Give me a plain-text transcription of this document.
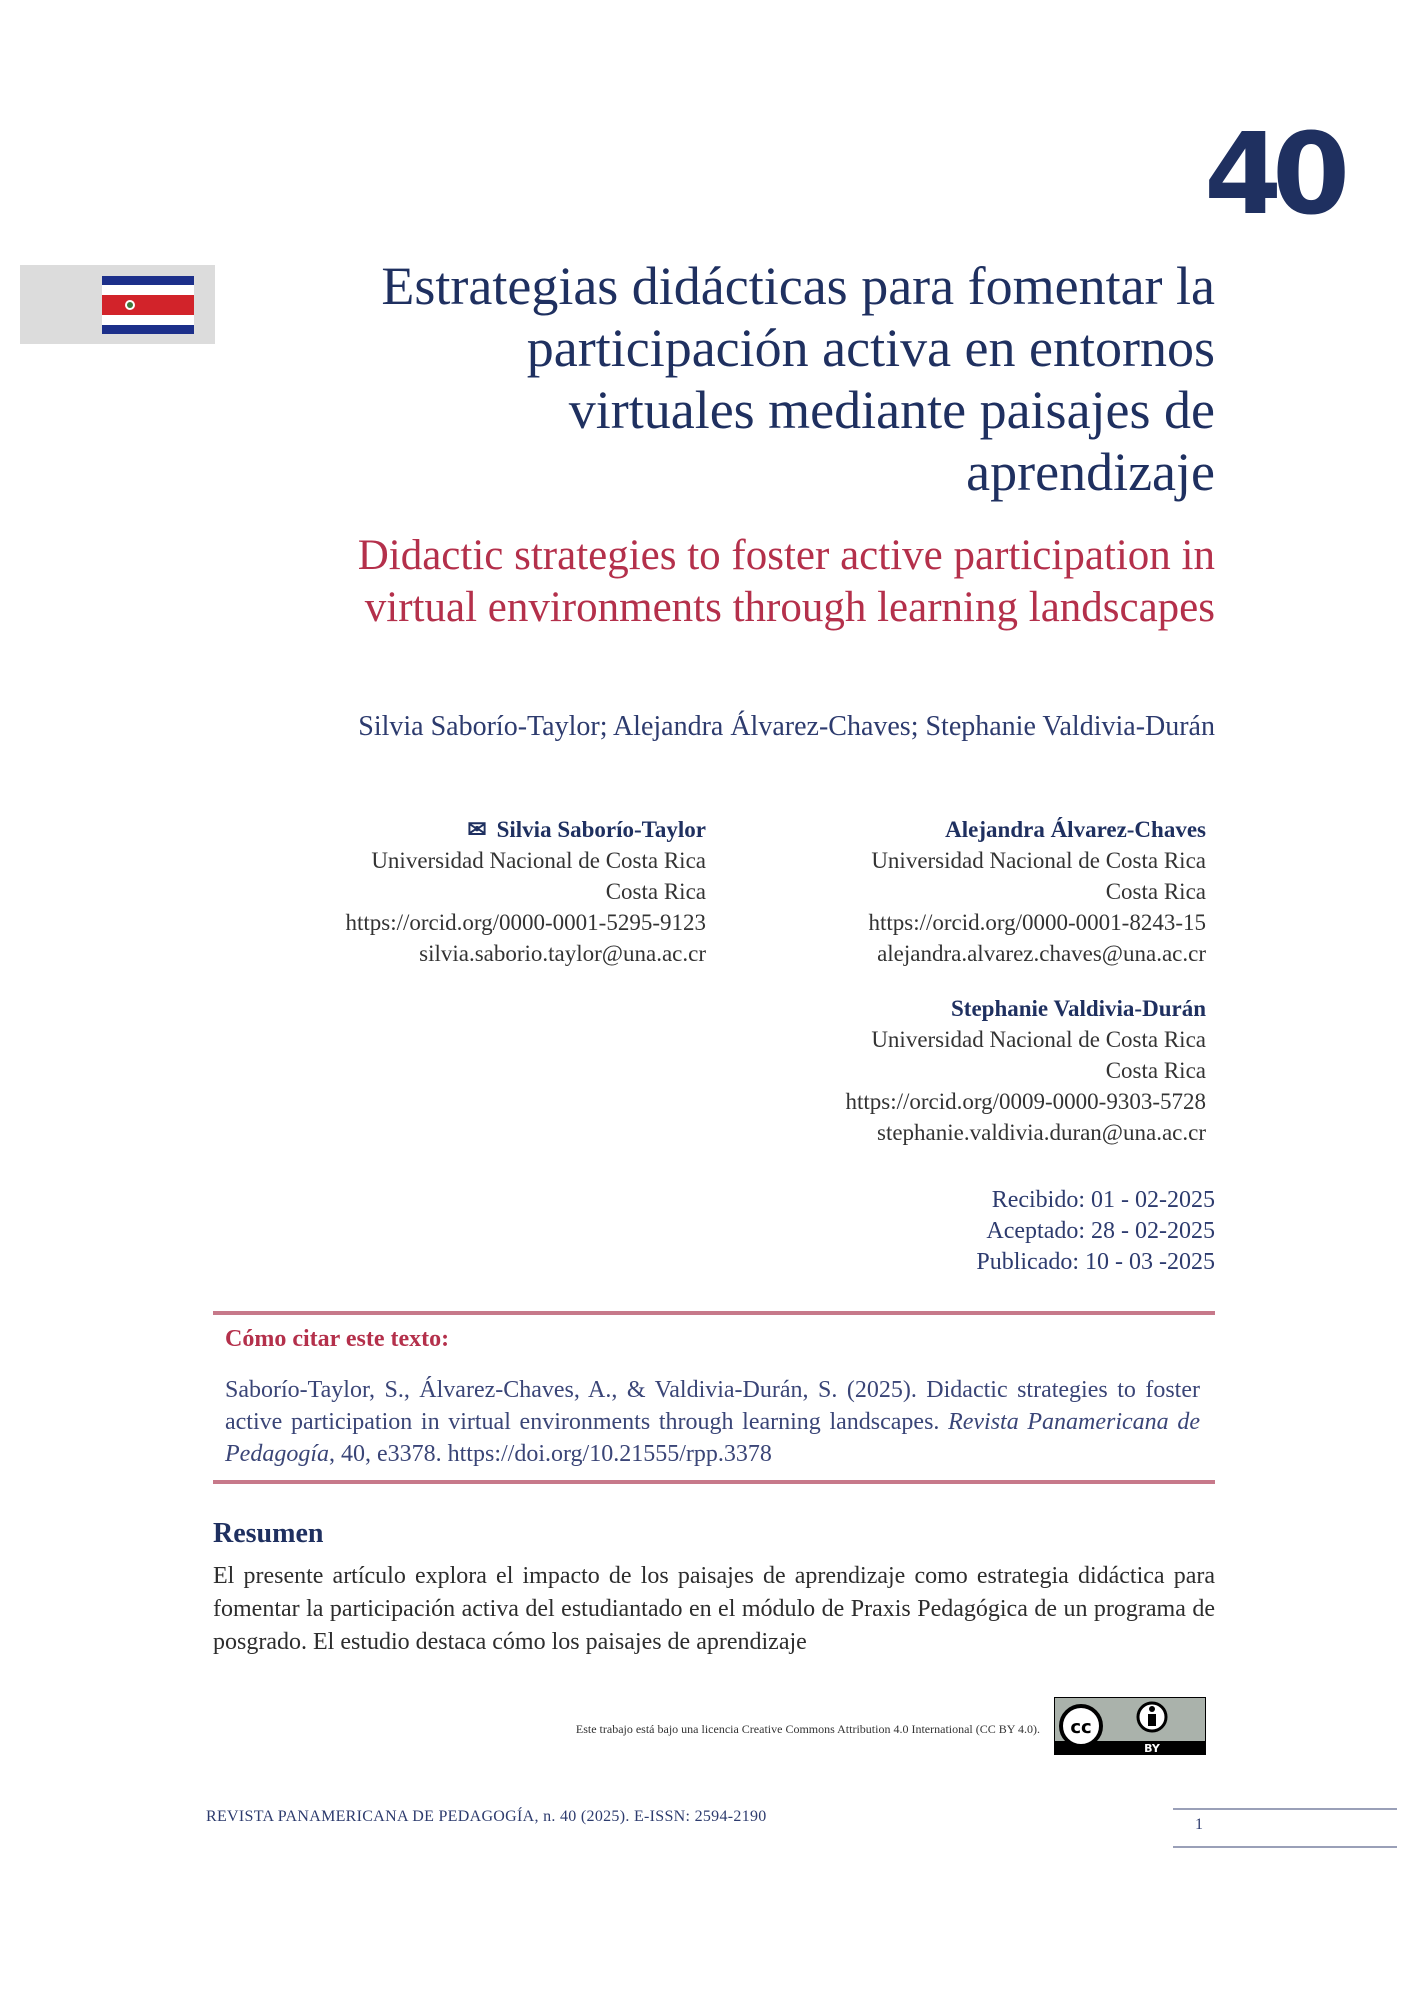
40
Estrategias didácticas para fomentar la participación activa en entornos virtuales mediante paisajes de aprendizaje
Didactic strategies to foster active participation in virtual environments through learning landscapes
Silvia Saborío-Taylor; Alejandra Álvarez-Chaves; Stephanie Valdivia-Durán
✉ Silvia Saborío-Taylor
Universidad Nacional de Costa Rica
Costa Rica
https://orcid.org/0000-0001-5295-9123
silvia.saborio.taylor@una.ac.cr
Alejandra Álvarez-Chaves
Universidad Nacional de Costa Rica
Costa Rica
https://orcid.org/0000-0001-8243-15
alejandra.alvarez.chaves@una.ac.cr
Stephanie Valdivia-Durán
Universidad Nacional de Costa Rica
Costa Rica
https://orcid.org/0009-0000-9303-5728
stephanie.valdivia.duran@una.ac.cr
Recibido: 01 - 02-2025
Aceptado: 28 - 02-2025
Publicado: 10 - 03 -2025
Cómo citar este texto:
Saborío-Taylor, S., Álvarez-Chaves, A., & Valdivia-Durán, S. (2025). Didactic strategies to foster active participation in virtual environments through learning landscapes. Revista Panamericana de Pedagogía, 40, e3378. https://doi.org/10.21555/rpp.3378
Resumen
El presente artículo explora el impacto de los paisajes de aprendizaje como estrategia didáctica para fomentar la participación activa del estudiantado en el módulo de Praxis Pedagógica de un programa de posgrado. El estudio destaca cómo los paisajes de aprendizaje
Este trabajo está bajo una licencia Creative Commons Attribution 4.0 International (CC BY 4.0). cc
BY
REVISTA PANAMERICANA DE PEDAGOGÍA, n. 40 (2025). E-ISSN: 2594-2190	1
